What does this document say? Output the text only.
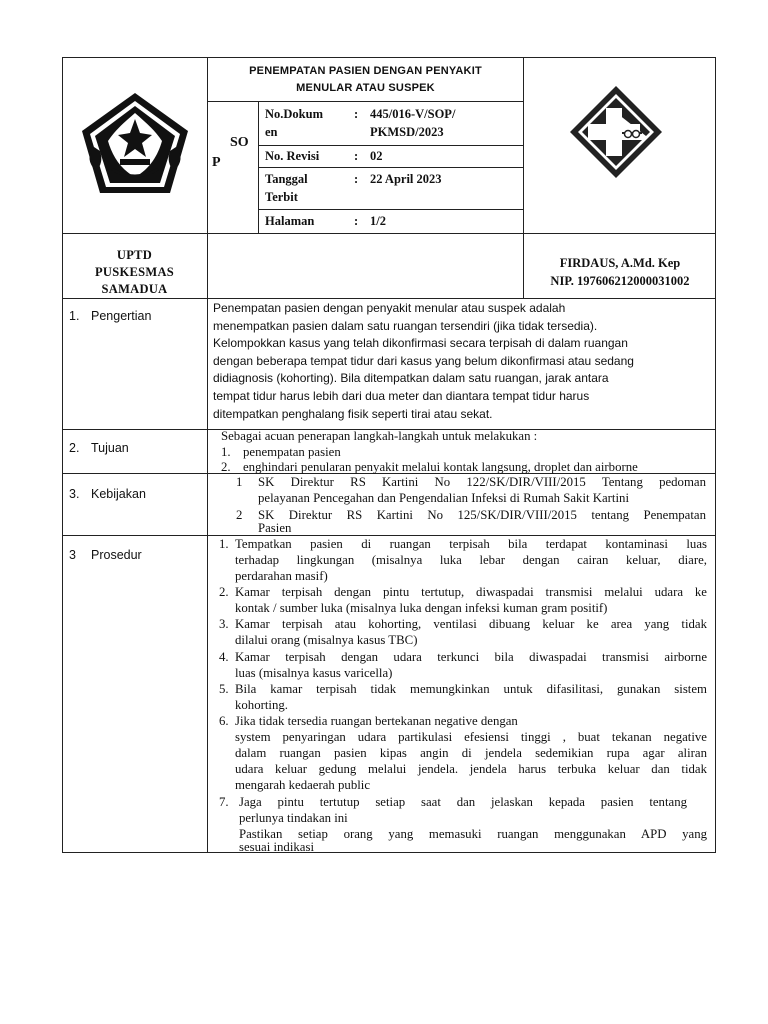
PENEMPATAN PASIEN DENGAN PENYAKIT
MENULAR ATAU SUSPEK
SO
P
No.Dokum
en
: 445/016-V/SOP/
PKMSD/2023
No. Revisi	: 02
Tanggal
Terbit
: 22 April 2023
Halaman	: 1/2
UPTD
PUSKESMAS
SAMADUA
FIRDAUS, A.Md. Kep
NIP. 197606212000031002
1. Pengertian
Penempatan pasien dengan penyakit menular atau suspek adalah
menempatkan pasien dalam satu ruangan tersendiri (jika tidak tersedia).
Kelompokkan kasus yang telah dikonfirmasi secara terpisah di dalam ruangan
dengan beberapa tempat tidur dari kasus yang belum dikonfirmasi atau sedang
didiagnosis (kohorting). Bila ditempatkan dalam satu ruangan, jarak antara
tempat tidur harus lebih dari dua meter dan diantara tempat tidur harus
ditempatkan penghalang fisik seperti tirai atau sekat.
2. Tujuan
Sebagai acuan penerapan langkah-langkah untuk melakukan :
1. penempatan pasien
2. enghindari penularan penyakit melalui kontak langsung, droplet dan airborne
3. Kebijakan
1 SK Direktur RS Kartini No 122/SK/DIR/VIII/2015 Tentang pedoman
pelayanan Pencegahan dan Pengendalian Infeksi di Rumah Sakit Kartini
2 SK Direktur RS Kartini No 125/SK/DIR/VIII/2015 tentang Penempatan
Pasien
3 Prosedur
1. Tempatkan pasien di ruangan terpisah bila terdapat kontaminasi luas
terhadap lingkungan (misalnya luka lebar dengan cairan keluar, diare,
perdarahan masif)
2. Kamar terpisah dengan pintu tertutup, diwaspadai transmisi melalui udara ke
kontak / sumber luka (misalnya luka dengan infeksi kuman gram positif)
3. Kamar terpisah atau kohorting, ventilasi dibuang keluar ke area yang tidak
dilalui orang (misalnya kasus TBC)
4. Kamar terpisah dengan udara terkunci bila diwaspadai transmisi airborne
luas (misalnya kasus varicella)
5. Bila kamar terpisah tidak memungkinkan untuk difasilitasi, gunakan sistem
kohorting.
6. Jika tidak tersedia ruangan bertekanan negative dengan
system penyaringan udara partikulasi efesiensi tinggi , buat tekanan negative
dalam ruangan pasien kipas angin di jendela sedemikian rupa agar aliran
udara keluar gedung melalui jendela. jendela harus terbuka keluar dan tidak
mengarah kedaerah public
7. Jaga pintu tertutup setiap saat dan jelaskan kepada pasien tentang
perlunya tindakan ini
Pastikan setiap orang yang memasuki ruangan menggunakan APD yang
sesuai indikasi
